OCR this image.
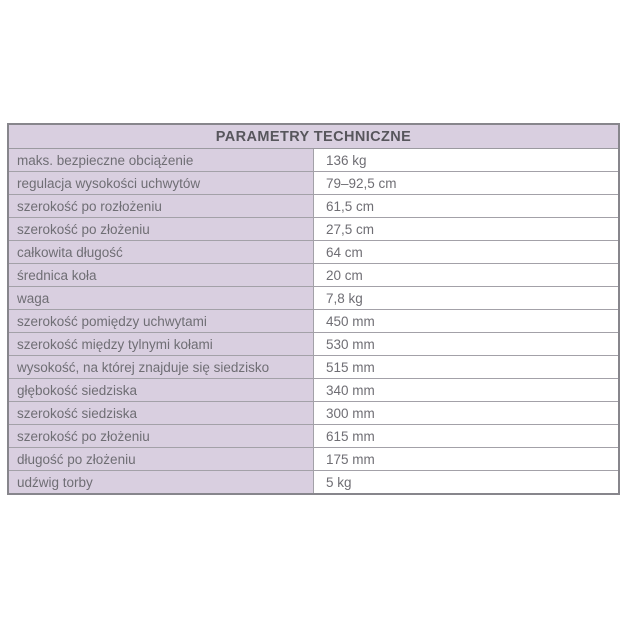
PARAMETRY TECHNICZNE	
maks. bezpieczne obciążenie	136 kg
regulacja wysokości uchwytów	79–92,5 cm
szerokość po rozłożeniu	61,5 cm
szerokość po złożeniu	27,5 cm
całkowita długość	64 cm
średnica koła	20 cm
waga	7,8 kg
szerokość pomiędzy uchwytami	450 mm
szerokość między tylnymi kołami	530 mm
wysokość, na której znajduje się siedzisko	515 mm
głębokość siedziska	340 mm
szerokość siedziska	300 mm
szerokość po złożeniu	615 mm
długość po złożeniu	175 mm
udźwig torby	5 kg
